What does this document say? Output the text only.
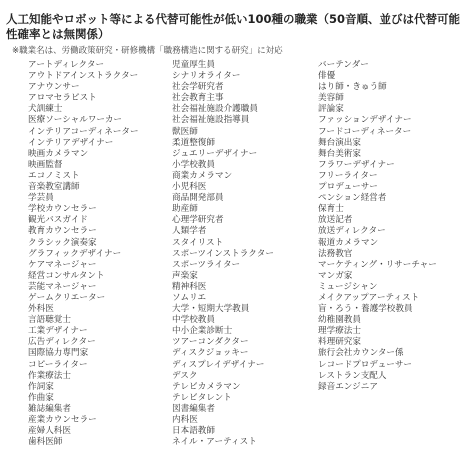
人工知能やロボット等による代替可能性が低い100種の職業（50音順、並びは代替可能性確率とは無関係）

※職業名は、労働政策研究・研修機構「職務構造に関する研究」に対応

アートディレクター
アウトドアインストラクター
アナウンサー
アロマセラピスト
犬訓練士
医療ソーシャルワーカー
インテリアコーディネーター
インテリアデザイナー
映画カメラマン
映画監督
エコノミスト
音楽教室講師
学芸員
学校カウンセラー
観光バスガイド
教育カウンセラー
クラシック演奏家
グラフィックデザイナー
ケアマネージャー
経営コンサルタント
芸能マネージャー
ゲームクリエーター
外科医
言語聴覚士
工業デザイナー
広告ディレクター
国際協力専門家
コピーライター
作業療法士
作詞家
作曲家
雑誌編集者
産業カウンセラー
産婦人科医
歯科医師
児童厚生員
シナリオライター
社会学研究者
社会教育主事
社会福祉施設介護職員
社会福祉施設指導員
獣医師
柔道整復師
ジュエリーデザイナー
小学校教員
商業カメラマン
小児科医
商品開発部員
助産師
心理学研究者
人類学者
スタイリスト
スポーツインストラクター
スポーツライター
声楽家
精神科医
ソムリエ
大学・短期大学教員
中学校教員
中小企業診断士
ツアーコンダクター
ディスクジョッキー
ディスプレイデザイナー
デスク
テレビカメラマン
テレビタレント
図書編集者
内科医
日本語教師
ネイル・アーティスト
バーテンダー
俳優
はり師・きゅう師
美容師
評論家
ファッションデザイナー
フードコーディネーター
舞台演出家
舞台美術家
フラワーデザイナー
フリーライター
プロデューサー
ペンション経営者
保育士
放送記者
放送ディレクター
報道カメラマン
法務教官
マーケティング・リサーチャー
マンガ家
ミュージシャン
メイクアップアーティスト
盲・ろう・養護学校教員
幼稚園教員
理学療法士
料理研究家
旅行会社カウンター係
レコードプロデューサー
レストラン支配人
録音エンジニア
